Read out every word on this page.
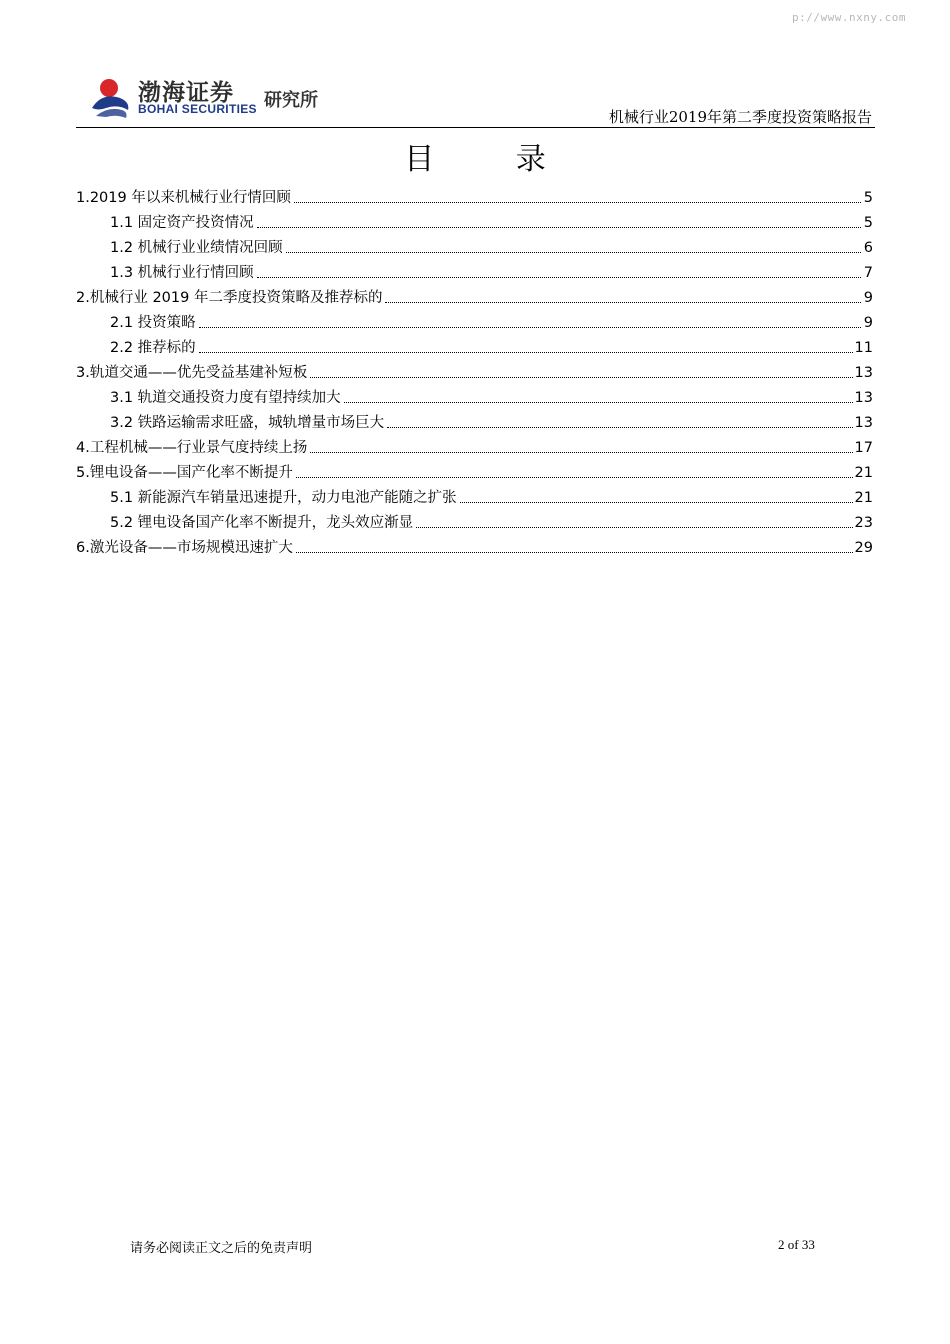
p://www.nxny.com
渤海证券
BOHAI SECURITIES 研究所
机械行业2019年第二季度投资策略报告
目 录
1.2019 年以来机械行业行情回顾	5
1.1 固定资产投资情况	5
1.2 机械行业业绩情况回顾	6
1.3 机械行业行情回顾	7
2.机械行业 2019 年二季度投资策略及推荐标的	9
2.1 投资策略	9
2.2 推荐标的	11
3.轨道交通——优先受益基建补短板	13
3.1 轨道交通投资力度有望持续加大	13
3.2 铁路运输需求旺盛，城轨增量市场巨大	13
4.工程机械——行业景气度持续上扬	17
5.锂电设备——国产化率不断提升	21
5.1 新能源汽车销量迅速提升，动力电池产能随之扩张	21
5.2 锂电设备国产化率不断提升，龙头效应渐显	23
6.激光设备——市场规模迅速扩大	29
请务必阅读正文之后的免责声明	2 of 33
